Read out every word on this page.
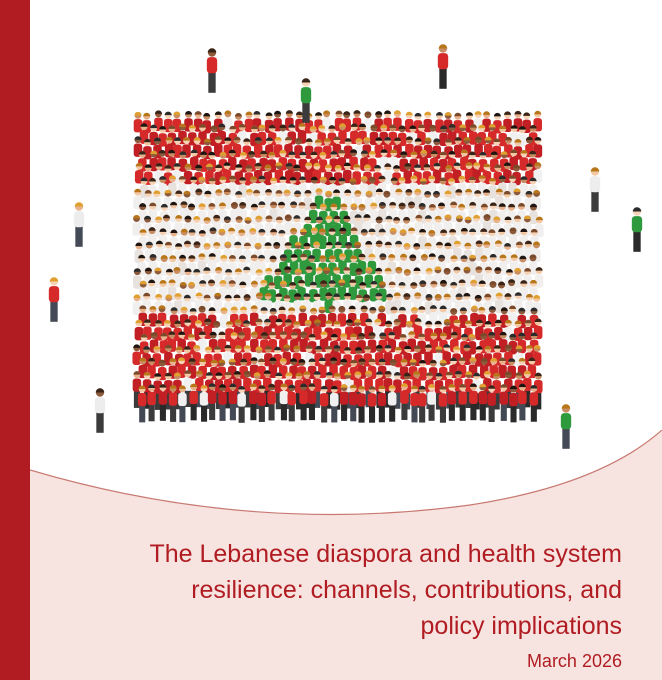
The Lebanese diaspora and health system
resilience: channels, contributions, and
policy implications
March 2026
